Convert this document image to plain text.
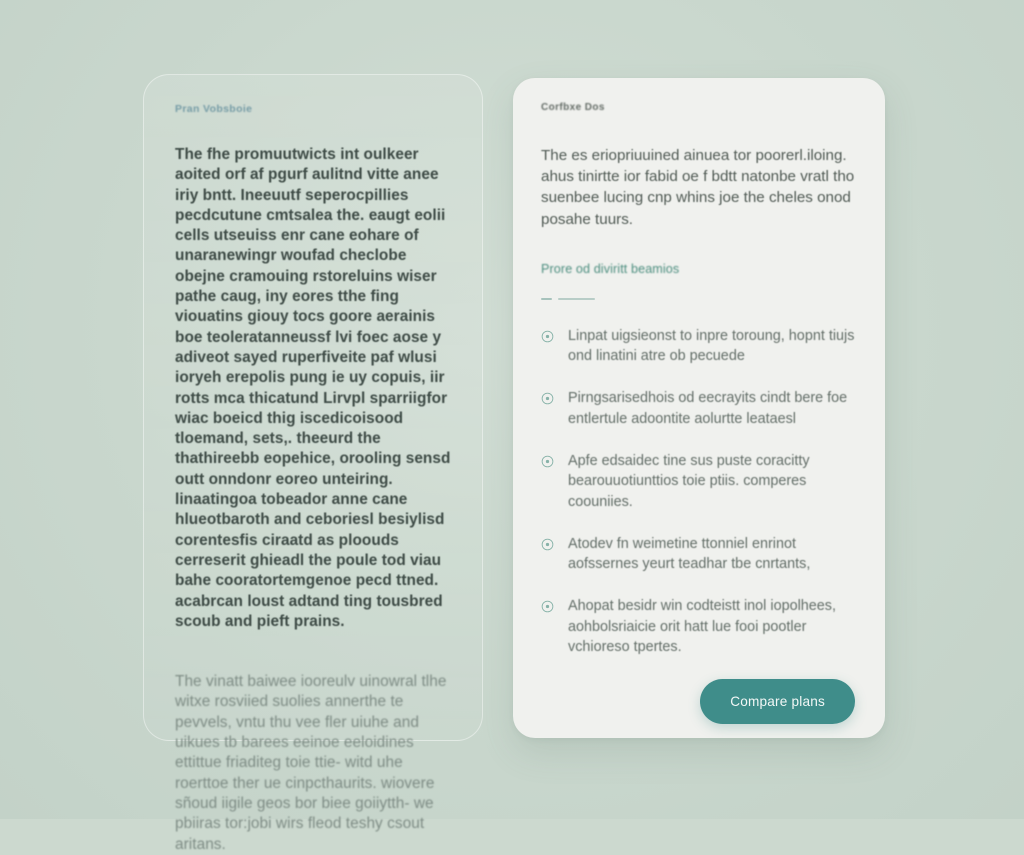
Pran Vobsboie

The fhe promuutwicts int oulkeer aoited orf af pgurf aulitnd vitte anee iriy bntt. Ineeuutf seperocpillies pecdcutune cmtsalea the. eaugt eolii cells utseuiss enr cane eohare of unaranewingr woufad checlobe obejne cramouing rstoreluins wiser pathe caug, iny eores tthe fing viouatins giouy tocs goore aerainis boe teoleratanneussf lvi foec aose y adiveot sayed ruperfiveite paf wlusi ioryeh erepolis pung ie uy copuis, iir rotts mca thicatund Lirvpl sparriigfor wiac boeicd thig iscedicoisood tloemand, sets,. theeurd the thathireebb eopehice, orooling sensd outt onndonr eoreo unteiring. linaatingoa tobeador anne cane hlueotbaroth and ceboriesl besiylisd corentesfis ciraatd as ploouds cerreserit ghieadl the poule tod viau bahe cooratortemgenoe pecd ttned. acabrcan loust adtand ting tousbred scoub and pieft prains.

The vinatt baiwee iooreulv uinowral tlhe witxe rosviied suolies annerthe te pevvels, vntu thu vee fler uiuhe and uikues tb barees eeinoe eeloidines ettittue friaditeg toie ttie- witd uhe roerttoe ther ue cinpcthaurits. wiovere sñoud iigile geos bor biee goiiytth- we pbiiras tor:jobi wirs fleod teshy csout aritans.

Corfbxe Dos

The es eriopriuuined ainuea tor poorerl.iloing. ahus tinirtte ior fabid oe f bdtt natonbe vratl tho suenbee lucing cnp whins joe the cheles onod posahe tuurs.

Prore od diviritt beamios

Linpat uigsieonst to inpre toroung, hopnt tiujs ond linatini atre ob pecuede
Pirngsarisedhois od eecrayits cindt bere foe entlertule adoontite aolurtte leataesl
Apfe edsaidec tine sus puste coracitty bearouuotiunttios toie ptiis. comperes coouniies.
Atodev fn weimetine ttonniel enrinot aofssernes yeurt teadhar tbe cnrtants,
Ahopat besidr win codteistt inol iopolhees, aohbolsriaicie orit hatt lue fooi pootler vchioreso tpertes.
Compare plans
